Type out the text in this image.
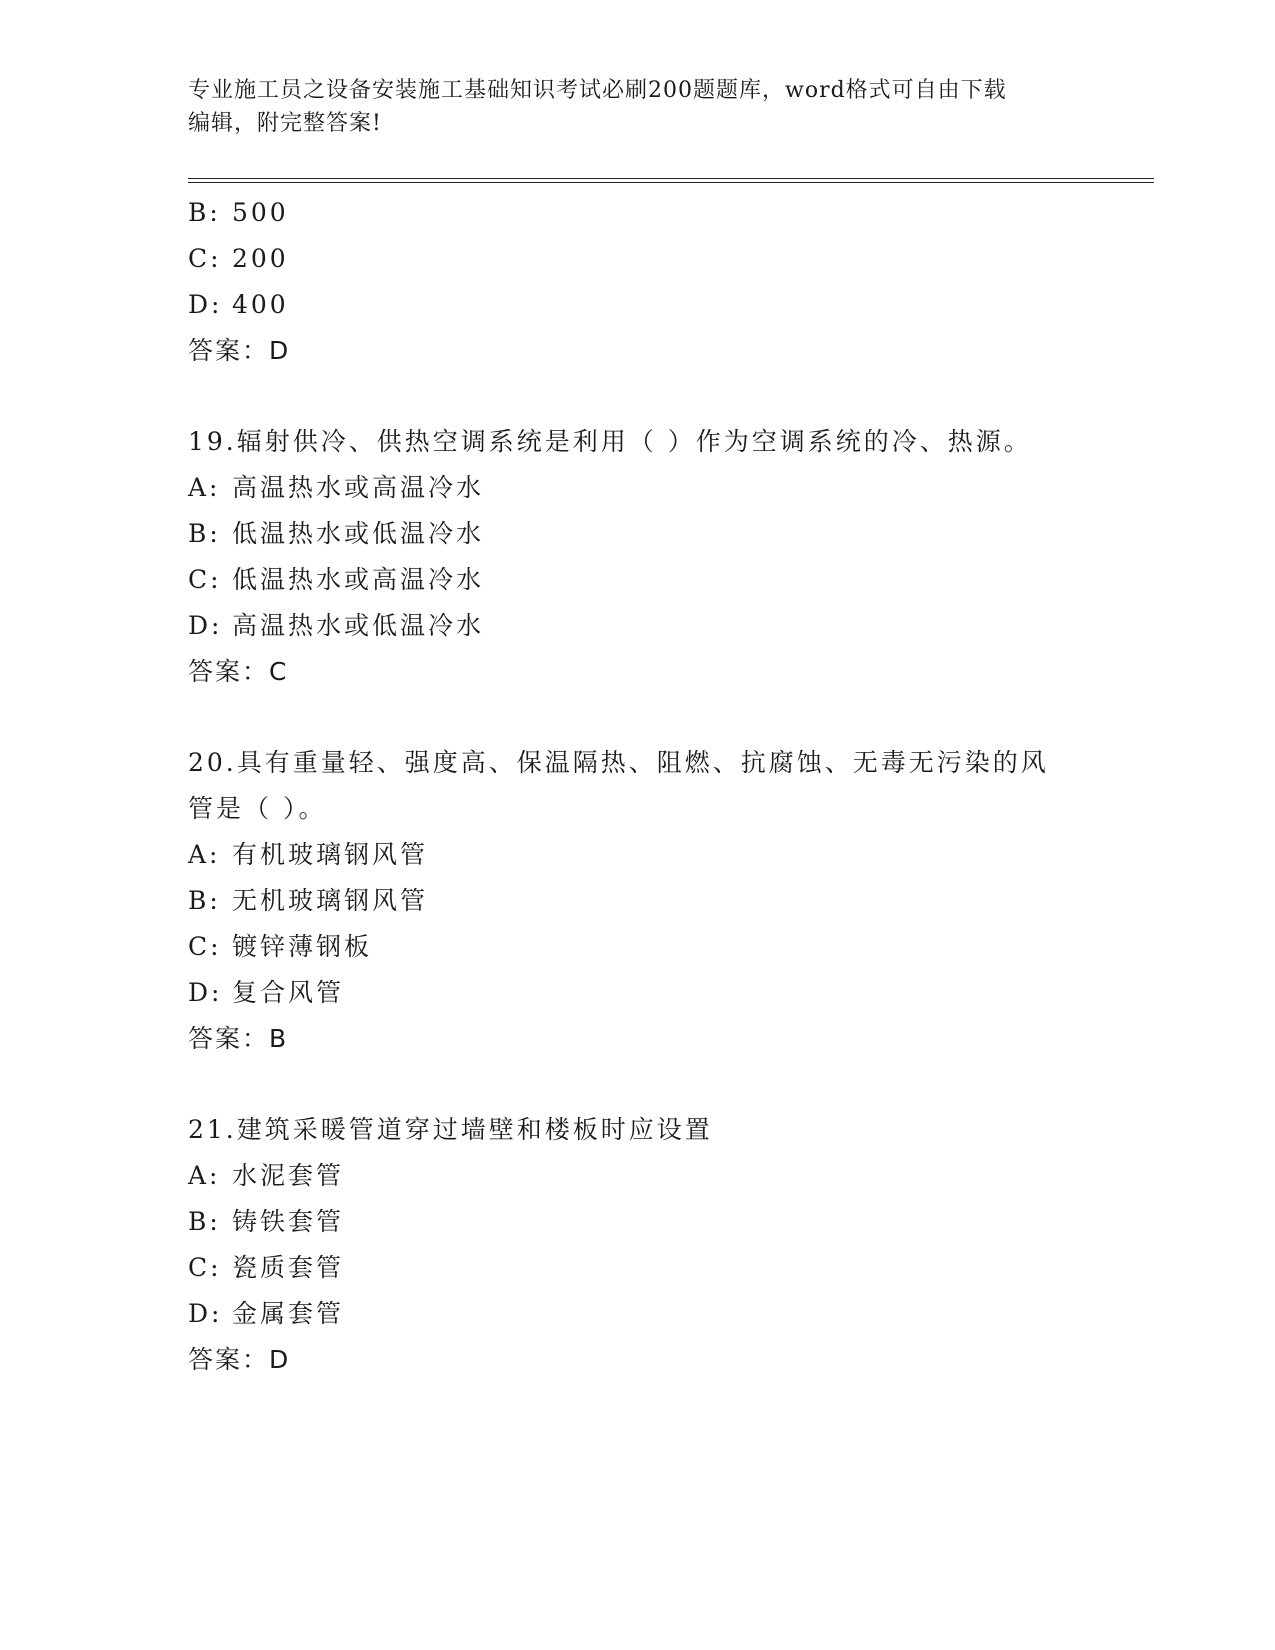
专业施工员之设备安装施工基础知识考试必刷200题题库，word格式可自由下载
编辑，附完整答案!
B: 500
C: 200
D: 400
答案：D
19.辐射供冷、供热空调系统是利用（ ）作为空调系统的冷、热源。
A: 高温热水或高温冷水
B: 低温热水或低温冷水
C: 低温热水或高温冷水
D: 高温热水或低温冷水
答案：C
20.具有重量轻、强度高、保温隔热、阻燃、抗腐蚀、无毒无污染的风
管是（ ）。
A: 有机玻璃钢风管
B: 无机玻璃钢风管
C: 镀锌薄钢板
D: 复合风管
答案：B
21.建筑采暖管道穿过墙壁和楼板时应设置
A: 水泥套管
B: 铸铁套管
C: 瓷质套管
D: 金属套管
答案：D
